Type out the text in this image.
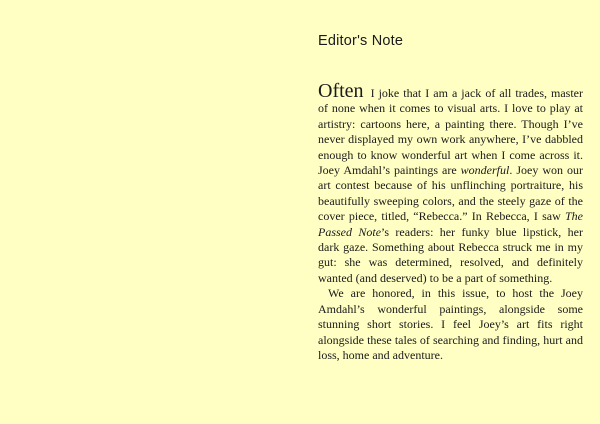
Editor's Note

Often I joke that I am a jack of all trades, master of none when it comes to visual arts. I love to play at artistry: cartoons here, a painting there. Though I’ve never displayed my own work anywhere, I’ve dabbled enough to know wonderful art when I come across it. Joey Amdahl’s paintings are wonderful. Joey won our art contest because of his unflinching portraiture, his beautifully sweeping colors, and the steely gaze of the cover piece, titled, “Rebecca.” In Rebecca, I saw The Passed Note’s readers: her funky blue lipstick, her dark gaze. Something about Rebecca struck me in my gut: she was determined, resolved, and definitely wanted (and deserved) to be a part of something.

We are honored, in this issue, to host the Joey Amdahl’s wonderful paintings, alongside some stunning short stories. I feel Joey’s art fits right alongside these tales of searching and finding, hurt and loss, home and adventure.
